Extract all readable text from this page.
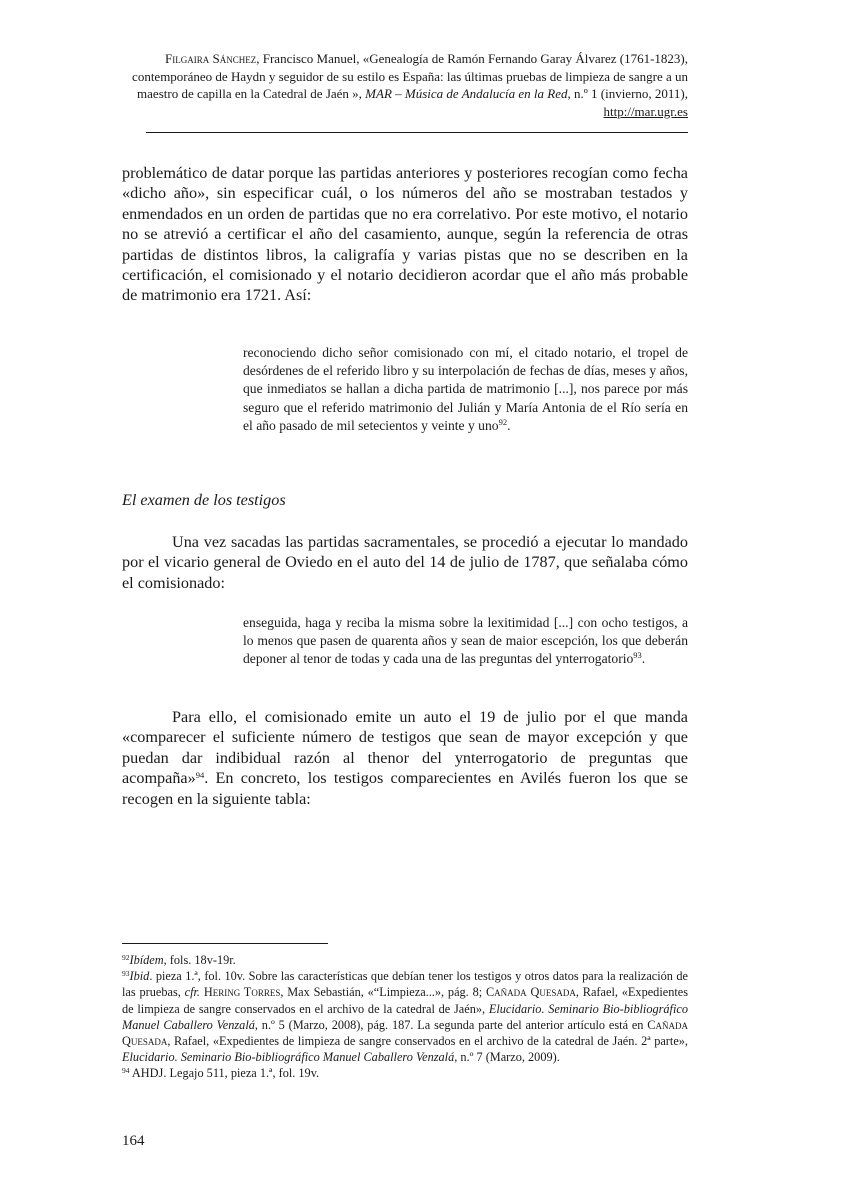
Filgaira Sánchez, Francisco Manuel, «Genealogía de Ramón Fernando Garay Álvarez (1761-1823), contemporáneo de Haydn y seguidor de su estilo es España: las últimas pruebas de limpieza de sangre a un maestro de capilla en la Catedral de Jaén », MAR – Música de Andalucía en la Red, n.º 1 (invierno, 2011), http://mar.ugr.es
problemático de datar porque las partidas anteriores y posteriores recogían como fecha «dicho año», sin especificar cuál, o los números del año se mostraban testados y enmendados en un orden de partidas que no era correlativo. Por este motivo, el notario no se atrevió a certificar el año del casamiento, aunque, según la referencia de otras partidas de distintos libros, la caligrafía y varias pistas que no se describen en la certificación, el comisionado y el notario decidieron acordar que el año más probable de matrimonio era 1721. Así:
reconociendo dicho señor comisionado con mí, el citado notario, el tropel de desórdenes de el referido libro y su interpolación de fechas de días, meses y años, que inmediatos se hallan a dicha partida de matrimonio [...], nos parece por más seguro que el referido matrimonio del Julián y María Antonia de el Río sería en el año pasado de mil setecientos y veinte y uno$^{92}$.
El examen de los testigos
Una vez sacadas las partidas sacramentales, se procedió a ejecutar lo mandado por el vicario general de Oviedo en el auto del 14 de julio de 1787, que señalaba cómo el comisionado:
enseguida, haga y reciba la misma sobre la lexitimidad [...] con ocho testigos, a lo menos que pasen de quarenta años y sean de maior escepción, los que deberán deponer al tenor de todas y cada una de las preguntas del ynterrogatorio$^{93}$.
Para ello, el comisionado emite un auto el 19 de julio por el que manda «comparecer el suficiente número de testigos que sean de mayor excepción y que puedan dar indibidual razón al thenor del ynterrogatorio de preguntas que acompaña»$^{94}$. En concreto, los testigos comparecientes en Avilés fueron los que se recogen en la siguiente tabla:

$^{92}$Ibídem, fols. 18v-19r.

$^{93}$Ibid. pieza 1.ª, fol. 10v. Sobre las características que debían tener los testigos y otros datos para la realización de las pruebas, cfr. Hering Torres, Max Sebastián, «“Limpieza...», pág. 8; Cañada Quesada, Rafael, «Expedientes de limpieza de sangre conservados en el archivo de la catedral de Jaén», Elucidario. Seminario Bio-bibliográfico Manuel Caballero Venzalá, n.º 5 (Marzo, 2008), pág. 187. La segunda parte del anterior artículo está en Cañada Quesada, Rafael, «Expedientes de limpieza de sangre conservados en el archivo de la catedral de Jaén. 2ª parte», Elucidario. Seminario Bio-bibliográfico Manuel Caballero Venzalá, n.º 7 (Marzo, 2009).

$^{94}$ AHDJ. Legajo 511, pieza 1.ª, fol. 19v.

164
